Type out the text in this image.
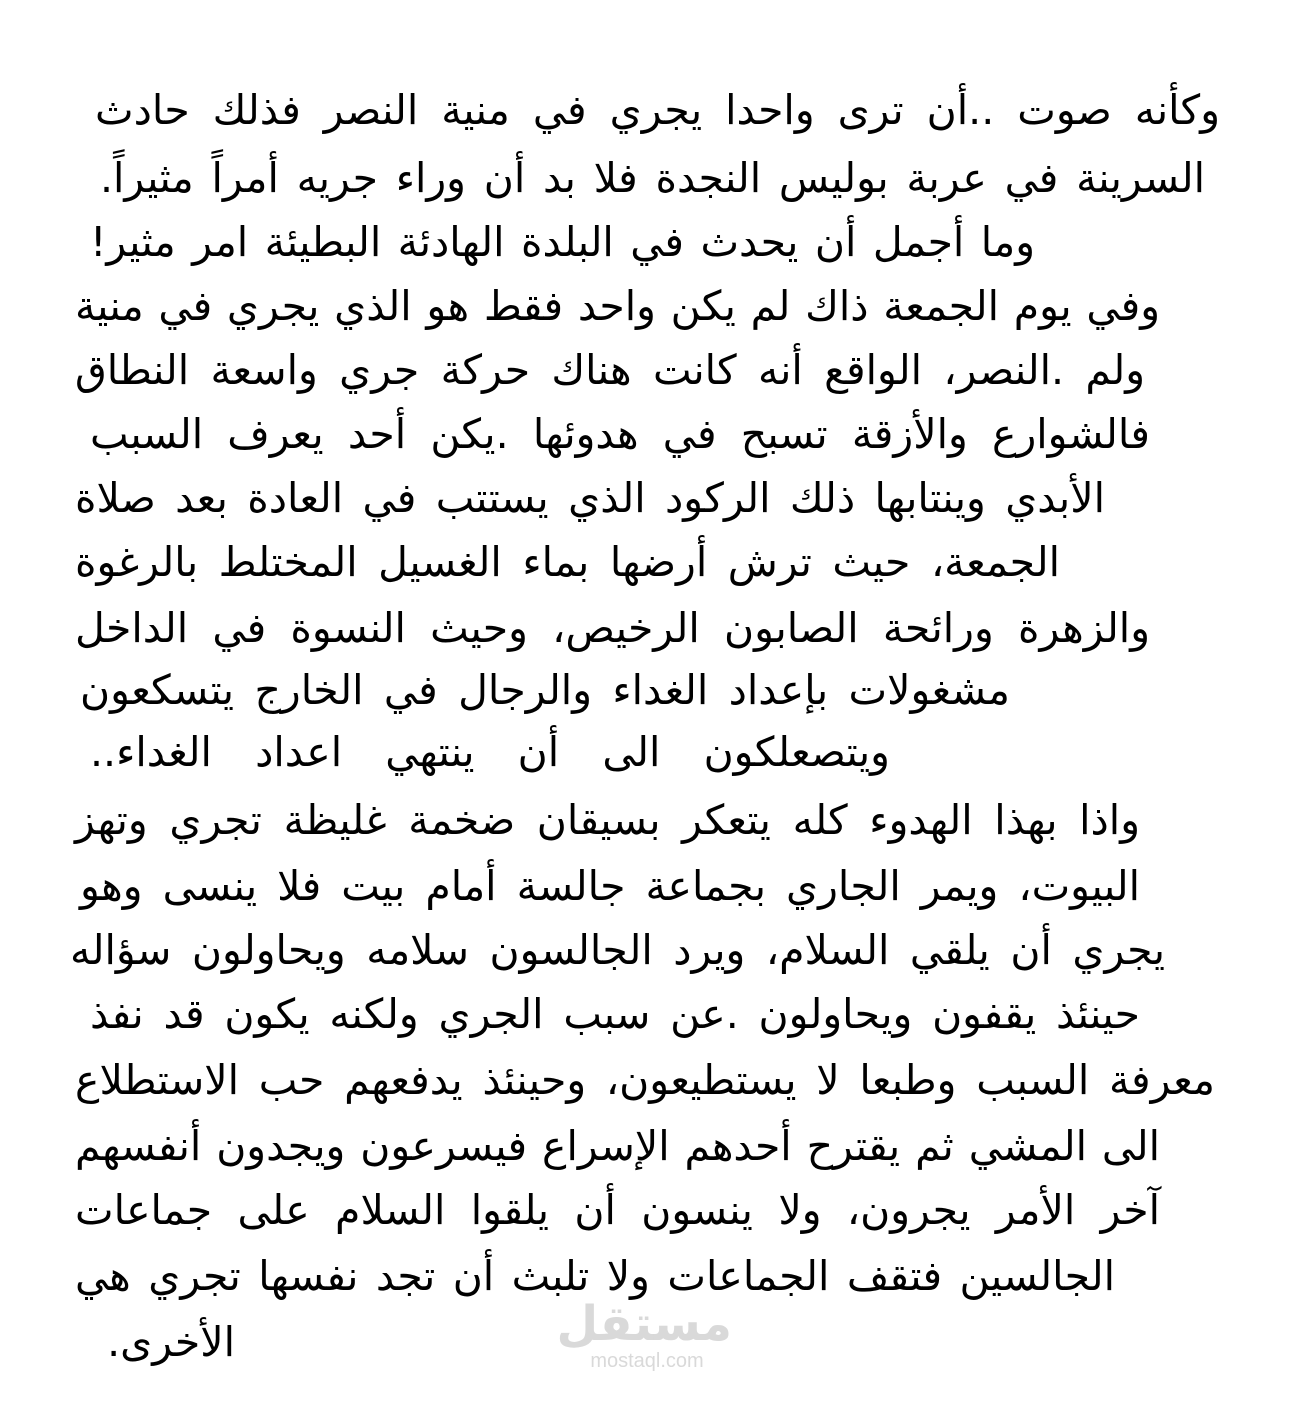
وكأنه صوت ..أن ترى واحدا يجري في منية النصر فذلك حادث
السرينة في عربة بوليس النجدة فلا بد أن وراء جريه أمراً مثيراً.
وما أجمل أن يحدث في البلدة الهادئة البطيئة امر مثير!
وفي يوم الجمعة ذاك لم يكن واحد فقط هو الذي يجري في منية
ولم .النصر، الواقع أنه كانت هناك حركة جري واسعة النطاق
فالشوارع والأزقة تسبح في هدوئها .يكن أحد يعرف السبب
الأبدي وينتابها ذلك الركود الذي يستتب في العادة بعد صلاة
الجمعة، حيث ترش أرضها بماء الغسيل المختلط بالرغوة
والزهرة ورائحة الصابون الرخيص، وحيث النسوة في الداخل
مشغولات بإعداد الغداء والرجال في الخارج يتسكعون
ويتصعلكون الى أن ينتهي اعداد الغداء..
واذا بهذا الهدوء كله يتعكر بسيقان ضخمة غليظة تجري وتهز
البيوت، ويمر الجاري بجماعة جالسة أمام بيت فلا ينسى وهو
يجري أن يلقي السلام، ويرد الجالسون سلامه ويحاولون سؤاله
حينئذ يقفون ويحاولون .عن سبب الجري ولكنه يكون قد نفذ
معرفة السبب وطبعا لا يستطيعون، وحينئذ يدفعهم حب الاستطلاع
الى المشي ثم يقترح أحدهم الإسراع فيسرعون ويجدون أنفسهم
آخر الأمر يجرون، ولا ينسون أن يلقوا السلام على جماعات
الجالسين فتقف الجماعات ولا تلبث أن تجد نفسها تجري هي
الأخرى.	مستقل
mostaql.com
